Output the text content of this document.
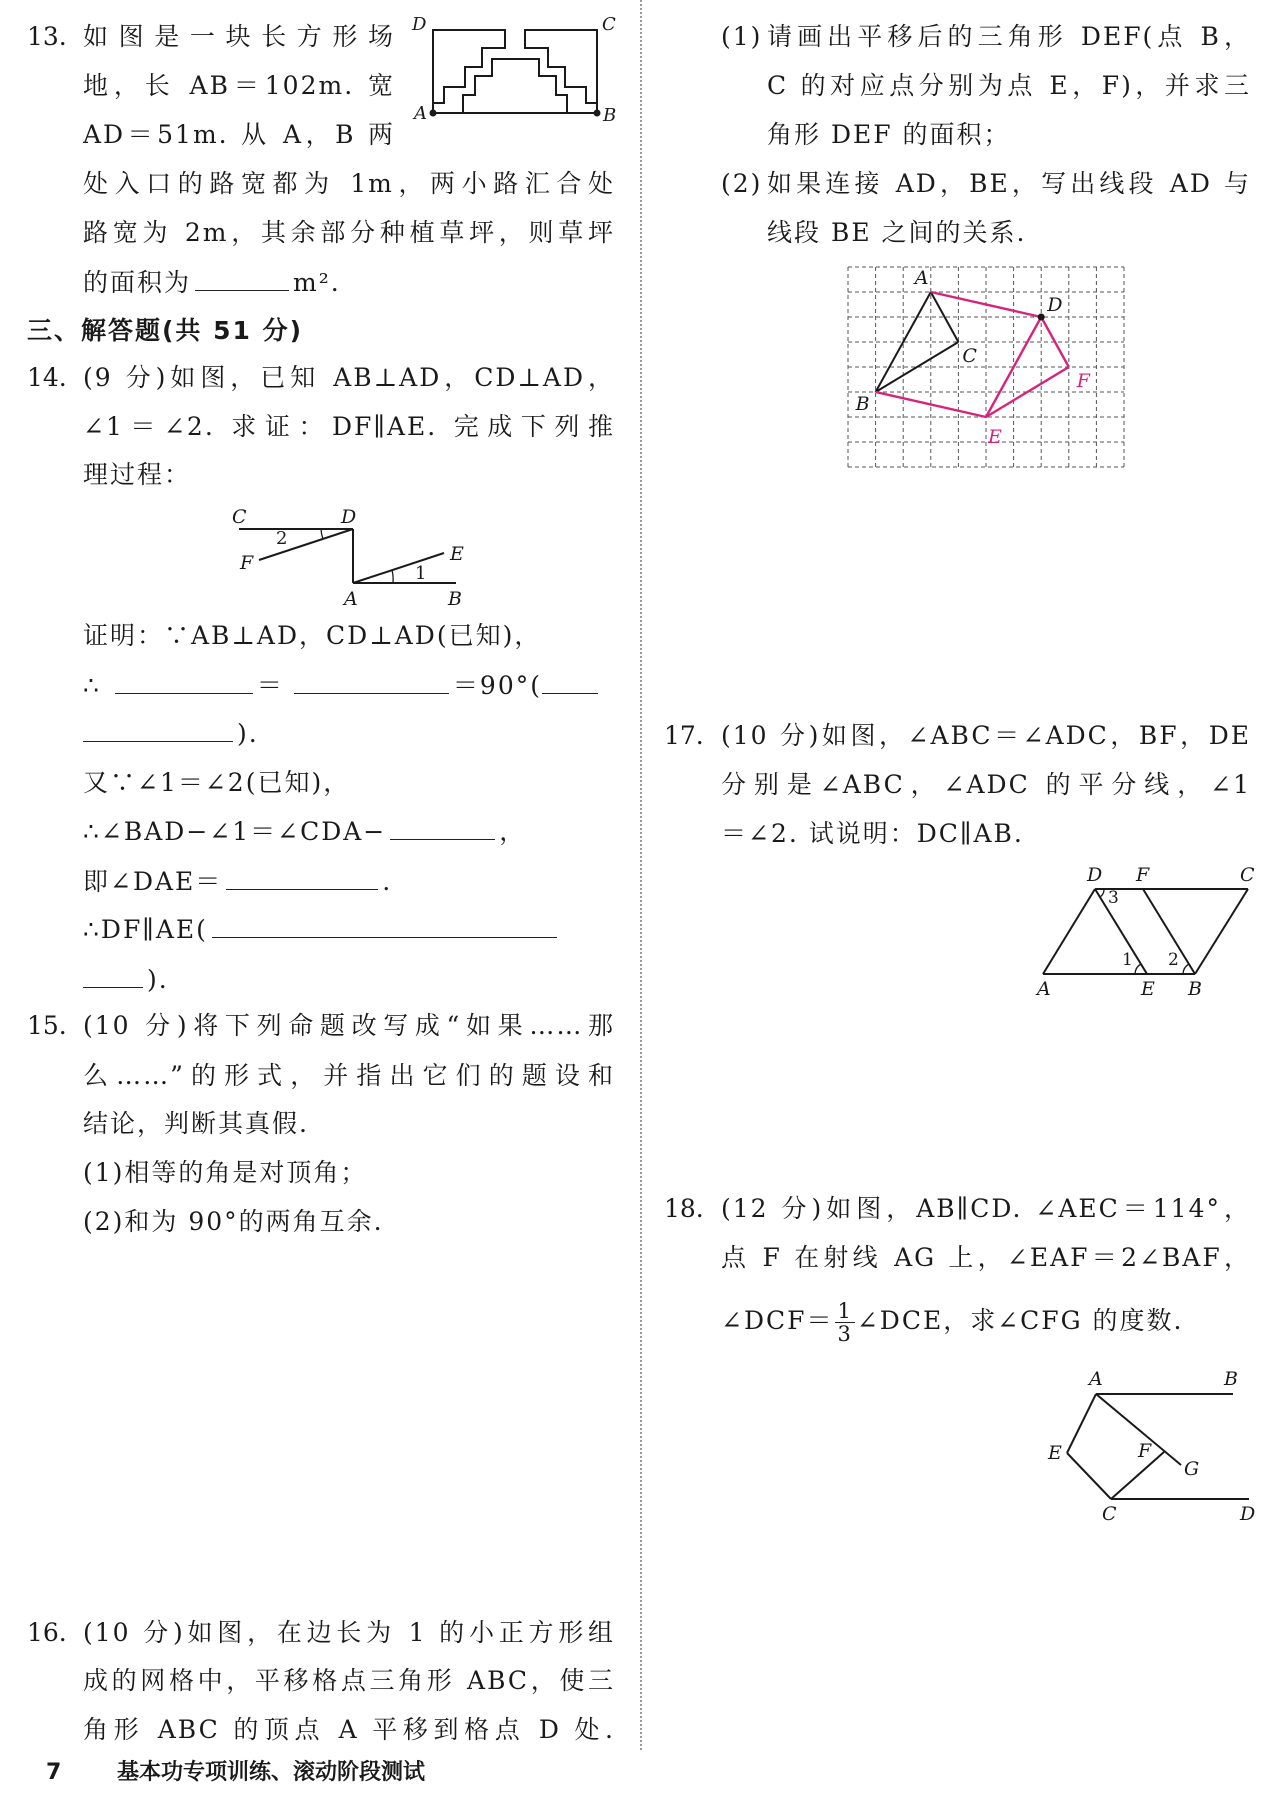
13. 如图是一块长方形场
地，长 AB＝102m. 宽
AD＝51m. 从 A，B 两
处入口的路宽都为 1m，两小路汇合处
路宽为 2m，其余部分种植草坪，则草坪
的面积为	m².
D	C
A	B
三、解答题(共 51 分)
14. (9 分)如图，已知 AB⊥AD，CD⊥AD，
∠1＝∠2. 求证：DF∥AE. 完成下列推
理过程：
C	D
2
F	E
1
A	B
证明：∵AB⊥AD，CD⊥AD(已知)，
∴	＝	＝90°(
).
又∵∠1＝∠2(已知)，
∴∠BAD−∠1＝∠CDA−	，
即∠DAE＝	.
∴DF∥AE(
).
15. (10 分)将下列命题改写成“如果……那
么……”的形式，并指出它们的题设和
结论，判断其真假.
(1)相等的角是对顶角；
(2)和为 90°的两角互余.
16. (10 分)如图，在边长为 1 的小正方形组
成的网格中，平移格点三角形 ABC，使三
角形 ABC 的顶点 A 平移到格点 D 处.
(1) 请画出平移后的三角形 DEF(点 B，
C 的对应点分别为点 E，F)，并求三
角形 DEF 的面积；
(2) 如果连接 AD，BE，写出线段 AD 与
线段 BE 之间的关系.
A
D
C
B
F
E
17. (10 分)如图，∠ABC＝∠ADC，BF，DE
分别是∠ABC，∠ADC 的平分线，∠1
＝∠2. 试说明：DC∥AB.
D F	C
3
1 2
A	E B
18. (12 分)如图，AB∥CD. ∠AEC＝114°，
点 F 在射线 AG 上，∠EAF＝2∠BAF，
∠DCF＝ $\frac{1}{3}$ ∠DCE，求∠CFG 的度数.
A	B
E	F
G
C	D
7	基本功专项训练、滚动阶段测试
